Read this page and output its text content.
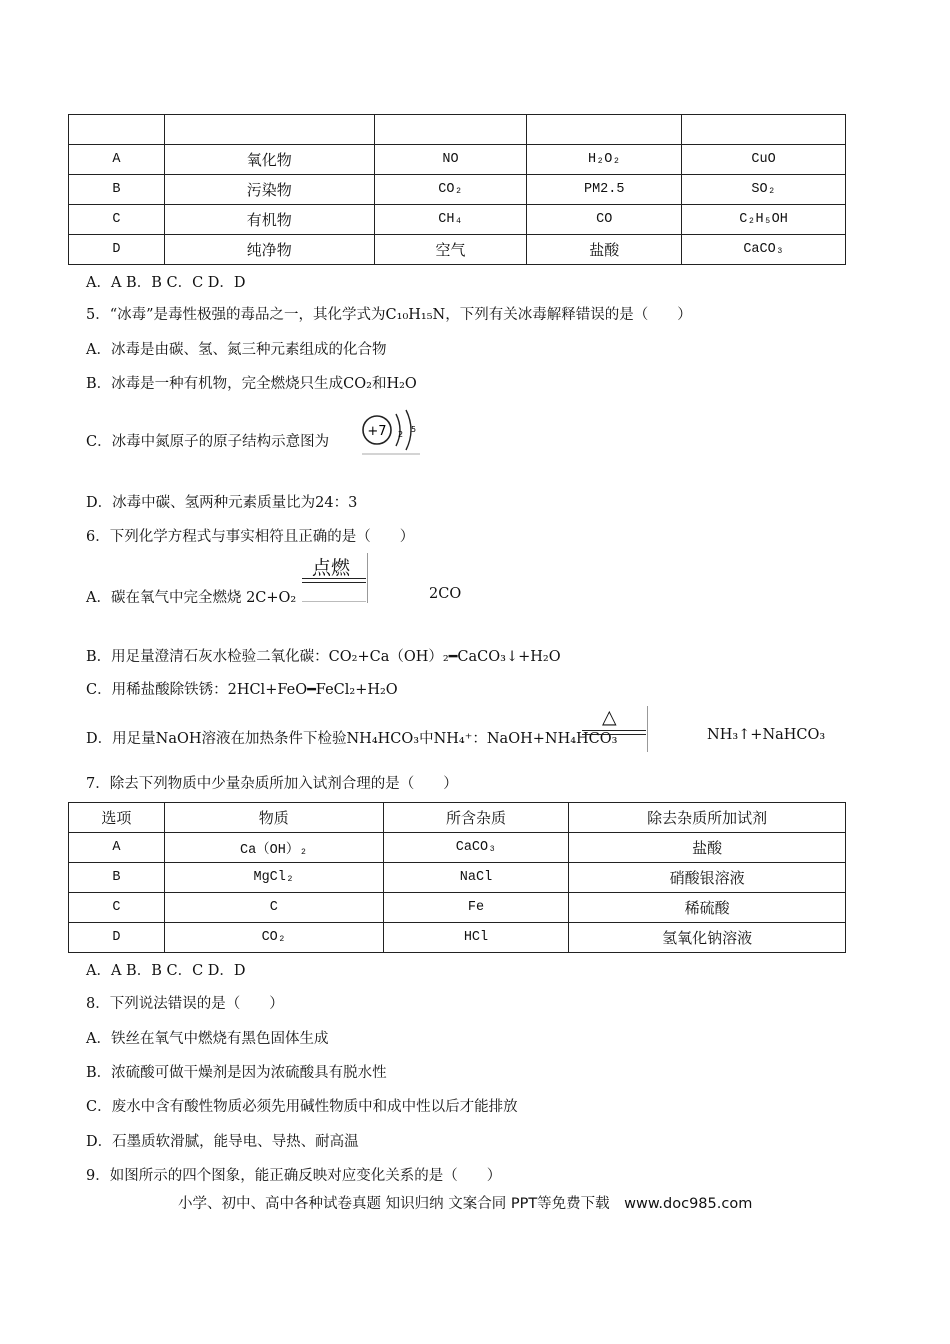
A	氧化物	NO	H₂O₂	CuO
B	污染物	CO₂	PM2.5	SO₂
C	有机物	CH₄	CO	C₂H₅OH
D	纯净物	空气	盐酸	CaCO₃
A．A B．B C．C D．D
5．“冰毒”是毒性极强的毒品之一，其化学式为C₁₀H₁₅N，下列有关冰毒解释错误的是（　　）
A．冰毒是由碳、氢、氮三种元素组成的化合物
B．冰毒是一种有机物，完全燃烧只生成CO₂和H₂O
C．冰毒中氮原子的原子结构示意图为
+7 2
5
D．冰毒中碳、氢两种元素质量比为24：3
6．下列化学方程式与事实相符且正确的是（　　）
A．碳在氧气中完全燃烧 2C+O₂
点燃
2CO
B．用足量澄清石灰水检验二氧化碳：CO₂+Ca（OH）₂━CaCO₃↓+H₂O
C．用稀盐酸除铁锈：2HCl+FeO━FeCl₂+H₂O
D．用足量NaOH溶液在加热条件下检验NH₄HCO₃中NH₄⁺：NaOH+NH₄HCO₃
△
NH₃↑+NaHCO₃
7．除去下列物质中少量杂质所加入试剂合理的是（　　）
选项	物质	所含杂质	除去杂质所加试剂
A	Ca（OH）₂	CaCO₃	盐酸
B	MgCl₂	NaCl	硝酸银溶液
C	C	Fe	稀硫酸
D	CO₂	HCl	氢氧化钠溶液
A．A B．B C．C D．D
8．下列说法错误的是（　　）
A．铁丝在氧气中燃烧有黑色固体生成
B．浓硫酸可做干燥剂是因为浓硫酸具有脱水性
C．废水中含有酸性物质必须先用碱性物质中和成中性以后才能排放
D．石墨质软滑腻，能导电、导热、耐高温
9．如图所示的四个图象，能正确反映对应变化关系的是（　　）
小学、初中、高中各种试卷真题 知识归纳 文案合同 PPT等免费下载　www.doc985.com
